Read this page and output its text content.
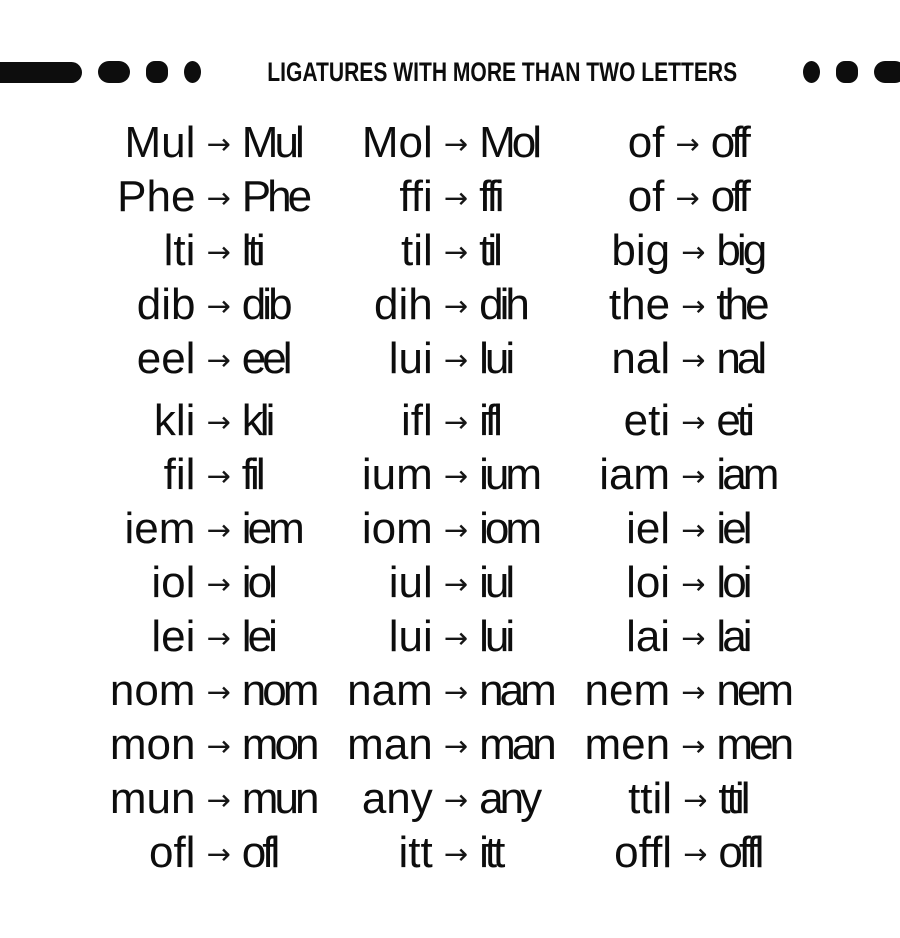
LIGATURES WITH MORE THAN TWO LETTERS
Mul → Mul Mol → Mol of → off
Phe → Phe ffi → ffi	of → off
lti → lti	til → til	big → big
dib → dib dih → dih the → the
eel → eel lui → lui nal → nal
kli → kli	ifl → ifl	eti → eti
fil → fil ium → ium iam → iam
iem → iem iom → iom iel → iel
iol → iol	iul → iul	loi → loi
lei → lei	lui → lui	lai → lai
nom → nom nam → nam nem → nem
mon → mon man → man men → men
mun → mun any → any ttil → ttil
ofl → ofl	itt → itt	offl → offl
